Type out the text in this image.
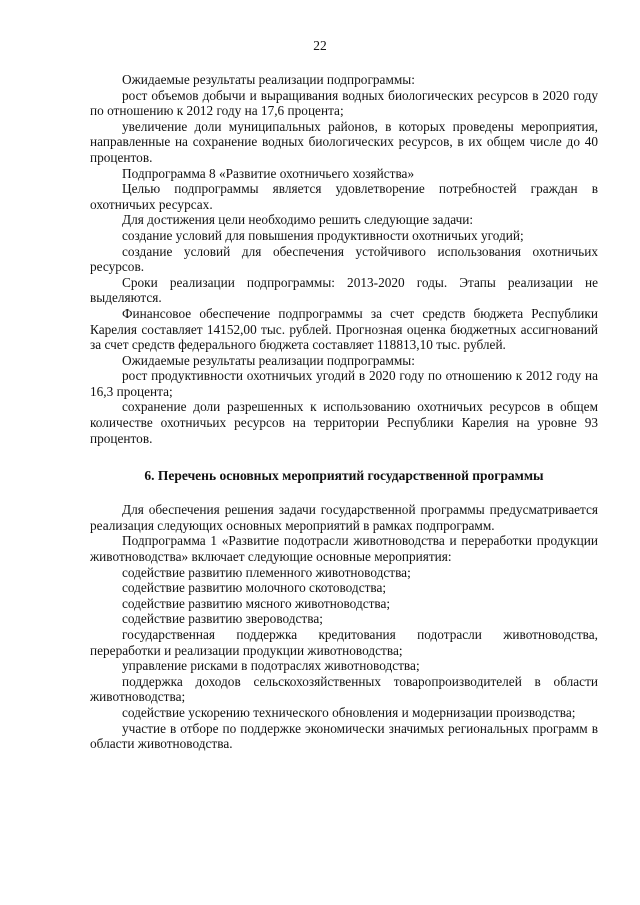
22

Ожидаемые результаты реализации подпрограммы:

рост объемов добычи и выращивания водных биологических ресурсов в 2020 году по отношению к 2012 году на 17,6 процента;

увеличение доли муниципальных районов, в которых проведены мероприятия, направленные на сохранение водных биологических ресурсов, в их общем числе до 40 процентов.

Подпрограмма 8 «Развитие охотничьего хозяйства»

Целью подпрограммы является удовлетворение потребностей граждан в охотничьих ресурсах.

Для достижения цели необходимо решить следующие задачи:

создание условий для повышения продуктивности охотничьих угодий;

создание условий для обеспечения устойчивого использования охотничьих ресурсов.

Сроки реализации подпрограммы: 2013-2020 годы. Этапы реализации не выделяются.

Финансовое обеспечение подпрограммы за счет средств бюджета Республики Карелия составляет 14152,00 тыс. рублей. Прогнозная оценка бюджетных ассигнований за счет средств федерального бюджета составляет 118813,10 тыс. рублей.

Ожидаемые результаты реализации подпрограммы:

рост продуктивности охотничьих угодий в 2020 году по отношению к 2012 году на 16,3 процента;

сохранение доли разрешенных к использованию охотничьих ресурсов в общем количестве охотничьих ресурсов на территории Республики Карелия на уровне 93 процентов.

6. Перечень основных мероприятий государственной программы

Для обеспечения решения задачи государственной программы предусматривается реализация следующих основных мероприятий в рамках подпрограмм.

Подпрограмма 1 «Развитие подотрасли животноводства и переработки продукции животноводства» включает следующие основные мероприятия:

содействие развитию племенного животноводства;

содействие развитию молочного скотоводства;

содействие развитию мясного животноводства;

содействие развитию звероводства;

государственная поддержка кредитования подотрасли животноводства, переработки и реализации продукции животноводства;

управление рисками в подотраслях животноводства;

поддержка доходов сельскохозяйственных товаропроизводителей в области животноводства;

содействие ускорению технического обновления и модернизации производства;

участие в отборе по поддержке экономически значимых региональных программ в области животноводства.
